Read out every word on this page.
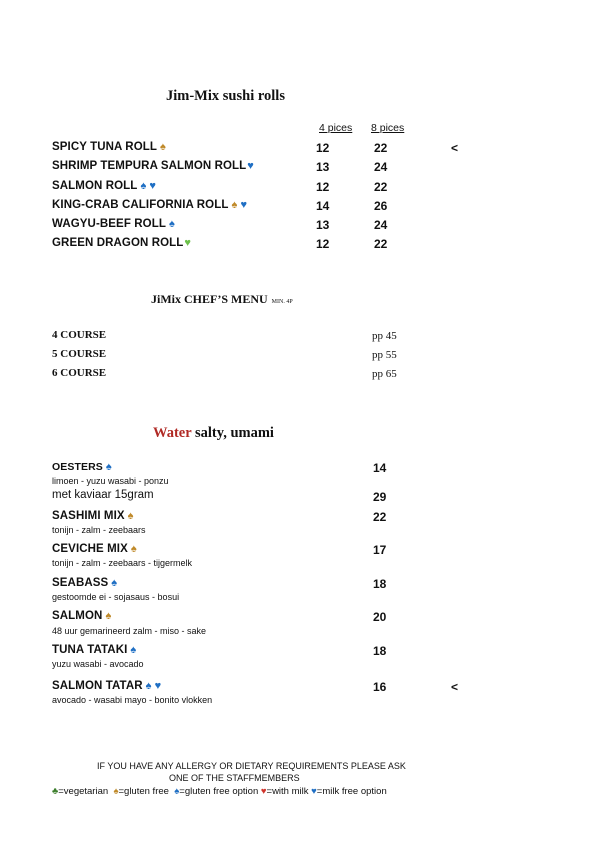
Jim-Mix sushi rolls
4 pices 8 pices
SPICY TUNA ROLL ♠	12	22	<
SHRIMP TEMPURA SALMON ROLL♥	13	24
SALMON ROLL ♠ ♥	12	22
KING-CRAB CALIFORNIA ROLL ♠ ♥	14	26
WAGYU-BEEF ROLL ♠	13	24
GREEN DRAGON ROLL♥	12	22
JiMix CHEF’S MENU MIN. 4P
4 COURSE	pp 45
5 COURSE	pp 55
6 COURSE	pp 65
Water salty, umami
OESTERS ♠	14
limoen - yuzu wasabi - ponzu
met kaviaar 15gram	29
SASHIMI MIX ♠	22
tonijn - zalm - zeebaars
CEVICHE MIX ♠	17
tonijn - zalm - zeebaars - tijgermelk
SEABASS ♠	18
gestoomde ei - sojasaus - bosui
SALMON ♠	20
48 uur gemarineerd zalm - miso - sake
TUNA TATAKI ♠	18
yuzu wasabi - avocado
SALMON TATAR ♠ ♥	16	<
avocado - wasabi mayo - bonito vlokken
IF YOU HAVE ANY ALLERGY OR DIETARY REQUIREMENTS PLEASE ASK
ONE OF THE STAFFMEMBERS
♣=vegetarian ♠=gluten free ♠=gluten free option ♥=with milk ♥=milk free option
